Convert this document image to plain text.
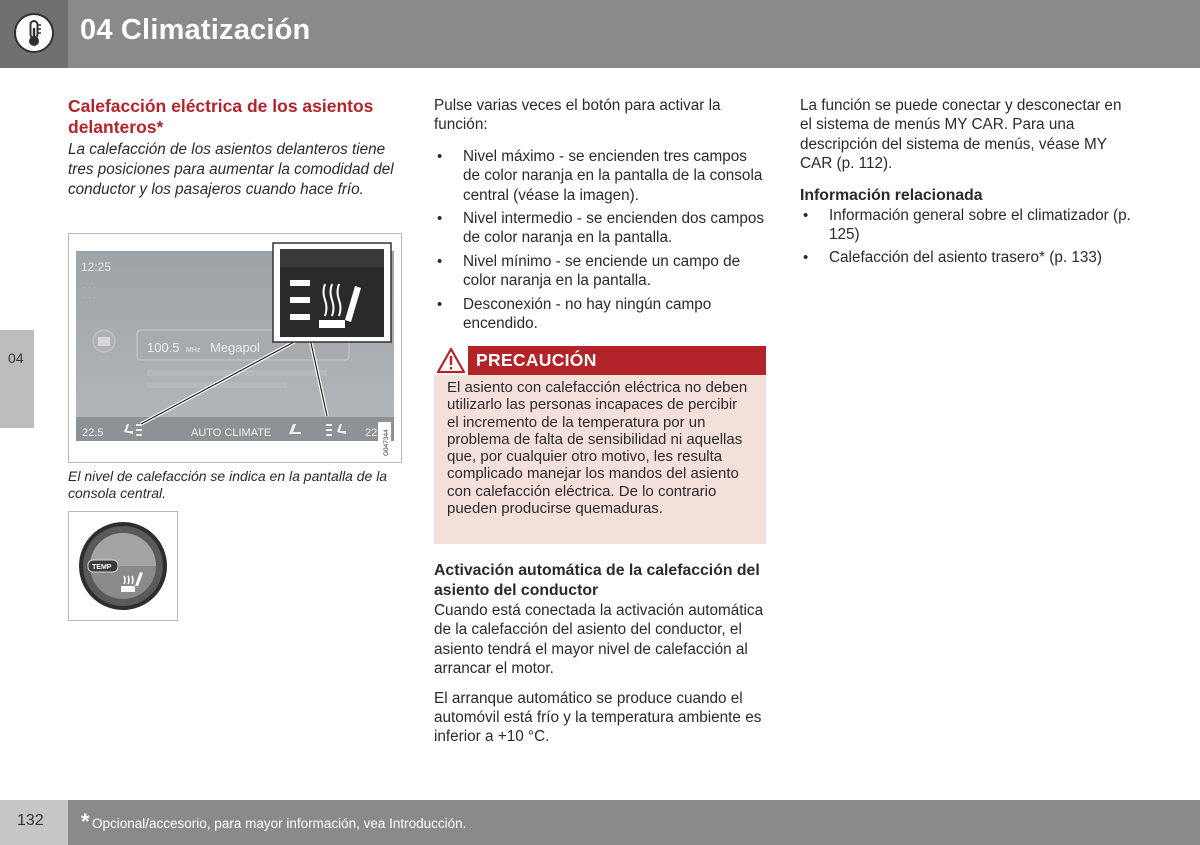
04 Climatización
04
Calefacción eléctrica de los asientos delanteros*
La calefacción de los asientos delanteros tiene tres posiciones para aumentar la comodidad del conductor y los pasajeros cuando hace frío.
12:25
· · ·
· · ·
100.5 MHz Megapol
22.5	AUTO CLIMATE	22 G047344
El nivel de calefacción se indica en la pantalla de la consola central.
TEMP

Pulse varias veces el botón para activar la función:

• Nivel máximo - se encienden tres campos de color naranja en la pantalla de la consola central (véase la imagen).
• Nivel intermedio - se encienden dos campos de color naranja en la pantalla.
• Nivel mínimo - se enciende un campo de color naranja en la pantalla.
• Desconexión - no hay ningún campo encendido.
PRECAUCIÓN
El asiento con calefacción eléctrica no deben utilizarlo las personas incapaces de percibir el incremento de la temperatura por un problema de falta de sensibilidad ni aquellas que, por cualquier otro motivo, les resulta complicado manejar los mandos del asiento con calefacción eléctrica. De lo contrario pueden producirse quemaduras.
Activación automática de la calefacción del asiento del conductor

Cuando está conectada la activación automática de la calefacción del asiento del conductor, el asiento tendrá el mayor nivel de calefacción al arrancar el motor.

El arranque automático se produce cuando el automóvil está frío y la temperatura ambiente es inferior a +10 °C.

La función se puede conectar y desconectar en el sistema de menús MY CAR. Para una descripción del sistema de menús, véase MY CAR (p. 112).

Información relacionada
• Información general sobre el climatizador (p. 125)
• Calefacción del asiento trasero* (p. 133)
132 * Opcional/accesorio, para mayor información, vea Introducción.
